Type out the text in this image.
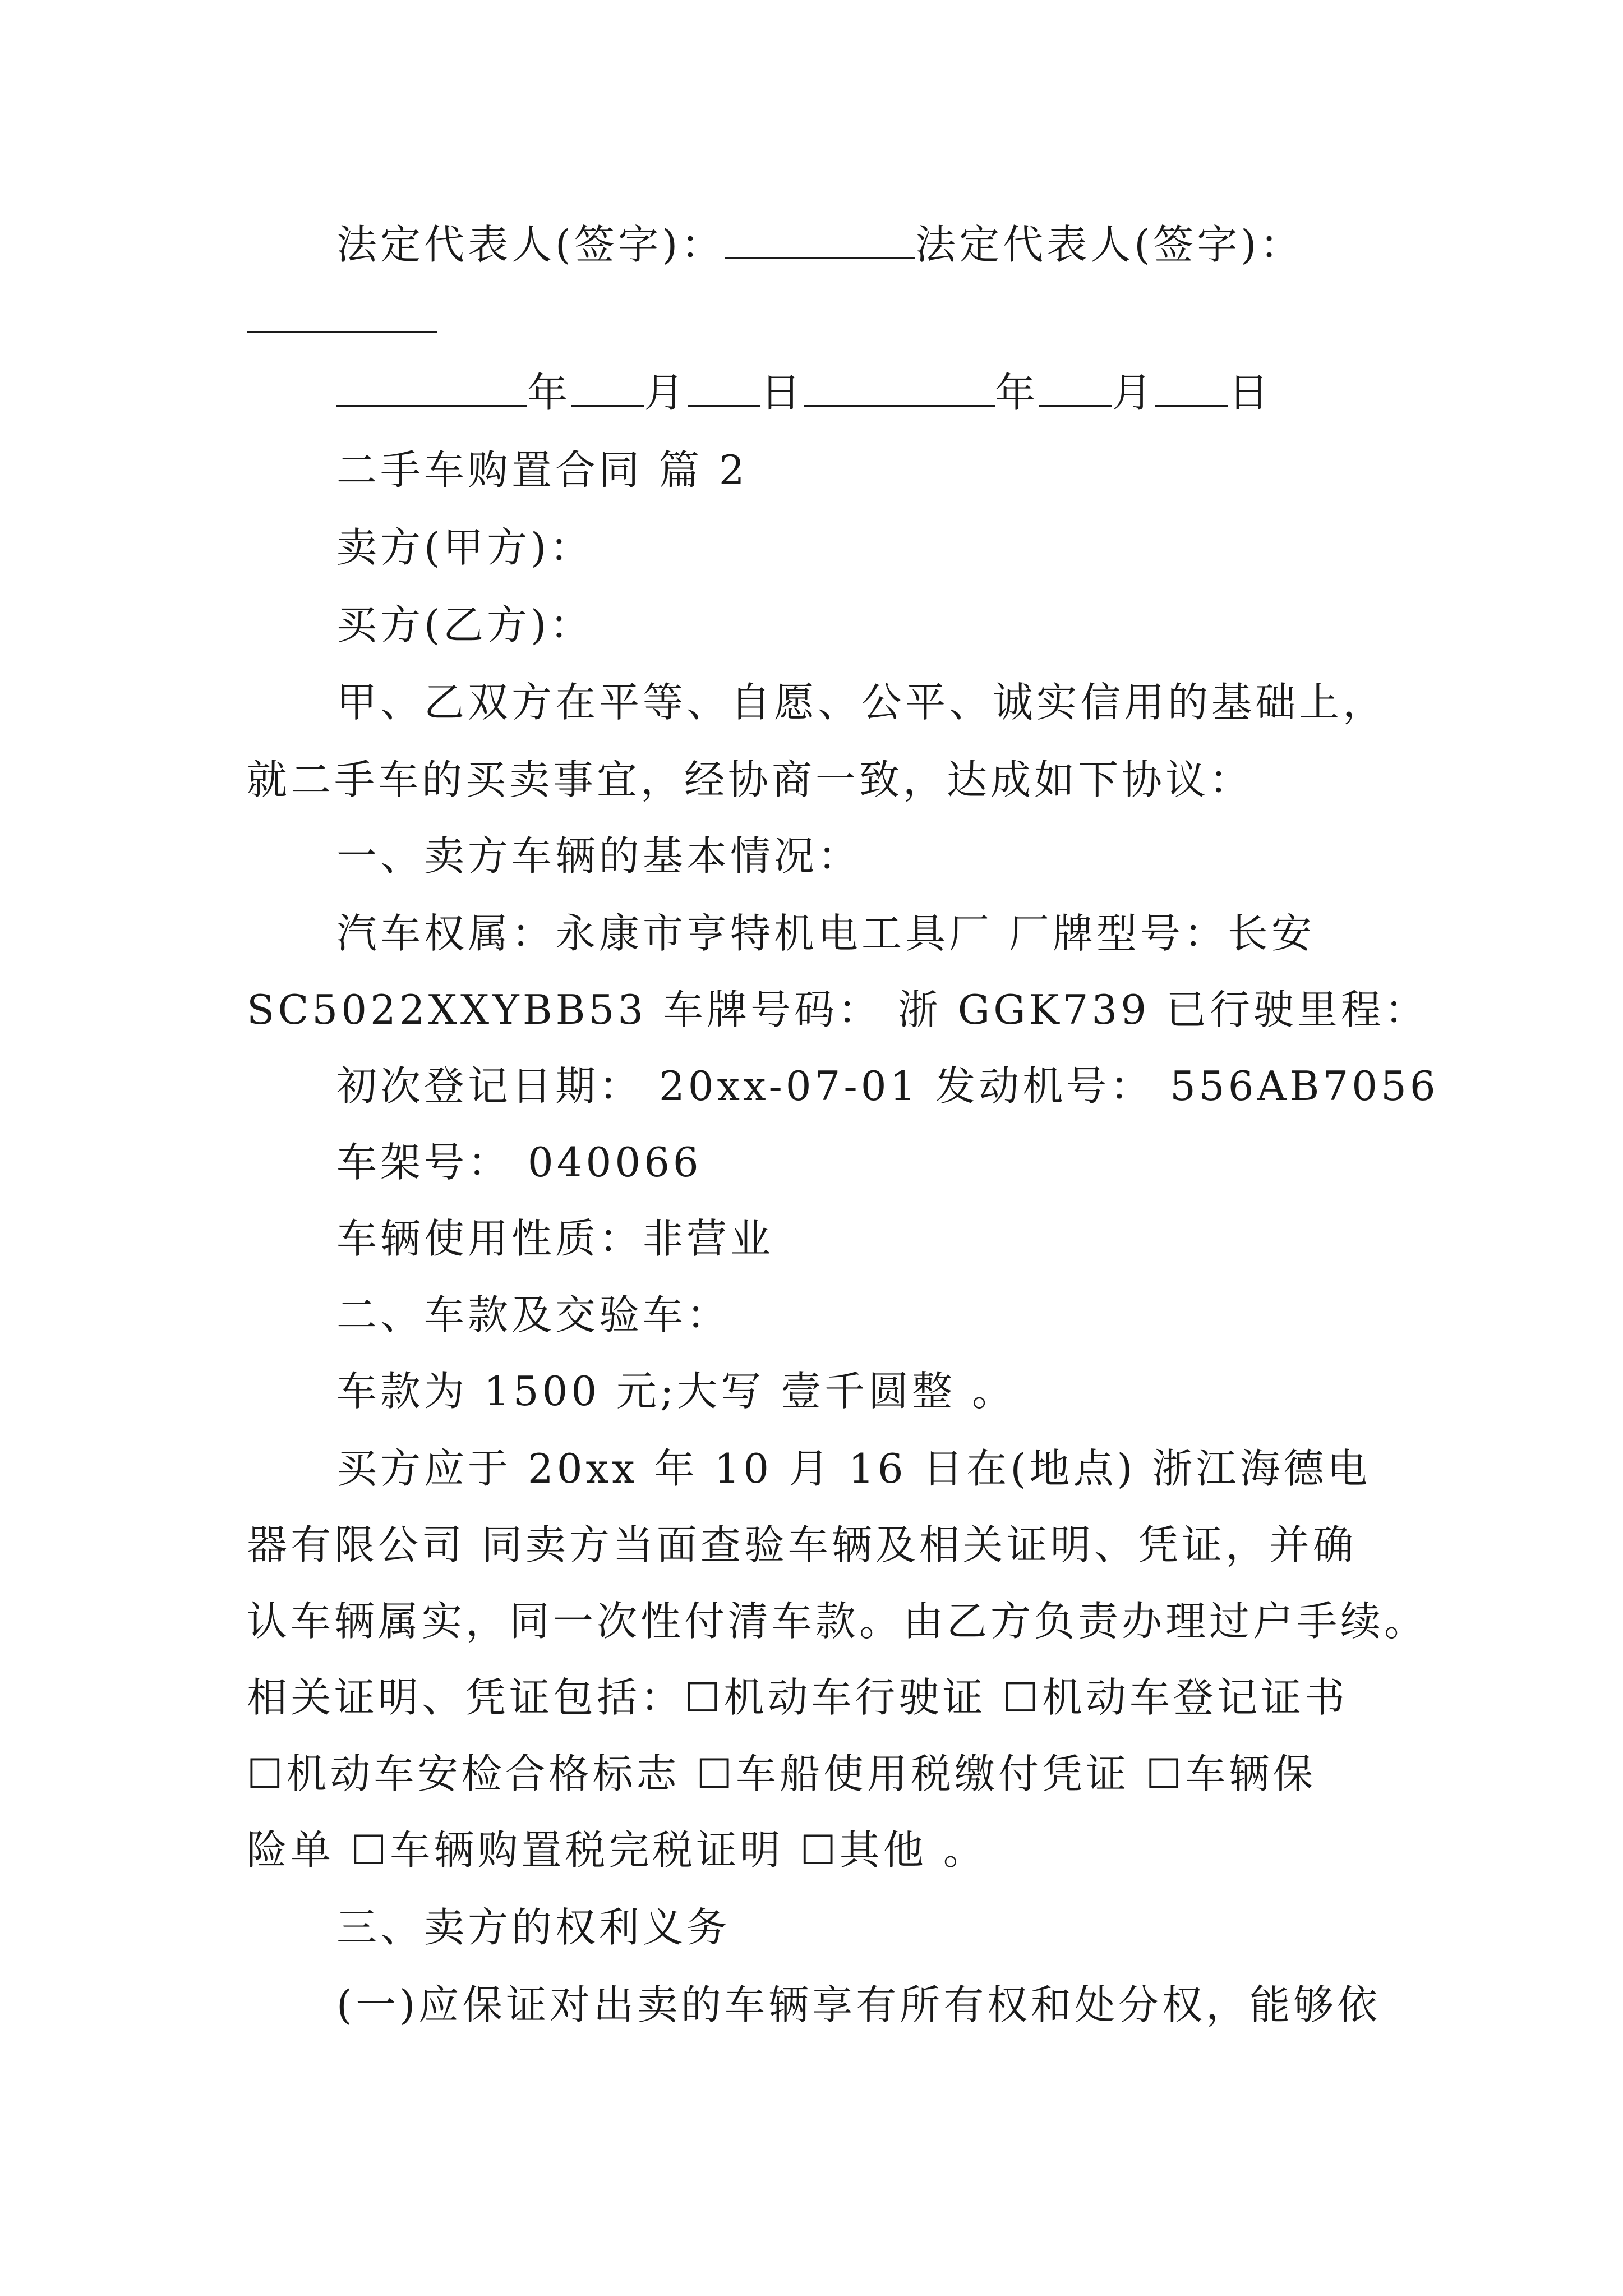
法定代表人(签字)：	法定代表人(签字)：
年 月 日	年 月 日
二手车购置合同 篇 2
卖方(甲方)：
买方(乙方)：
甲、乙双方在平等、自愿、公平、诚实信用的基础上，
就二手车的买卖事宜，经协商一致，达成如下协议：
一、卖方车辆的基本情况：
汽车权属：永康市亨特机电工具厂 厂牌型号：长安
SC5022XXYBB53 车牌号码： 浙 GGK739 已行驶里程：
初次登记日期： 20xx-07-01 发动机号： 556AB7056
车架号： 040066
车辆使用性质：非营业
二、车款及交验车：
车款为 1500 元;大写 壹千圆整 。
买方应于 20xx 年 10 月 16 日在(地点) 浙江海德电
器有限公司 同卖方当面查验车辆及相关证明、凭证，并确
认车辆属实，同一次性付清车款。由乙方负责办理过户手续。
相关证明、凭证包括：☐机动车行驶证 ☐机动车登记证书
☐机动车安检合格标志 ☐车船使用税缴付凭证 ☐车辆保
险单 ☐车辆购置税完税证明 ☐其他 。
三、卖方的权利义务
(一)应保证对出卖的车辆享有所有权和处分权，能够依
